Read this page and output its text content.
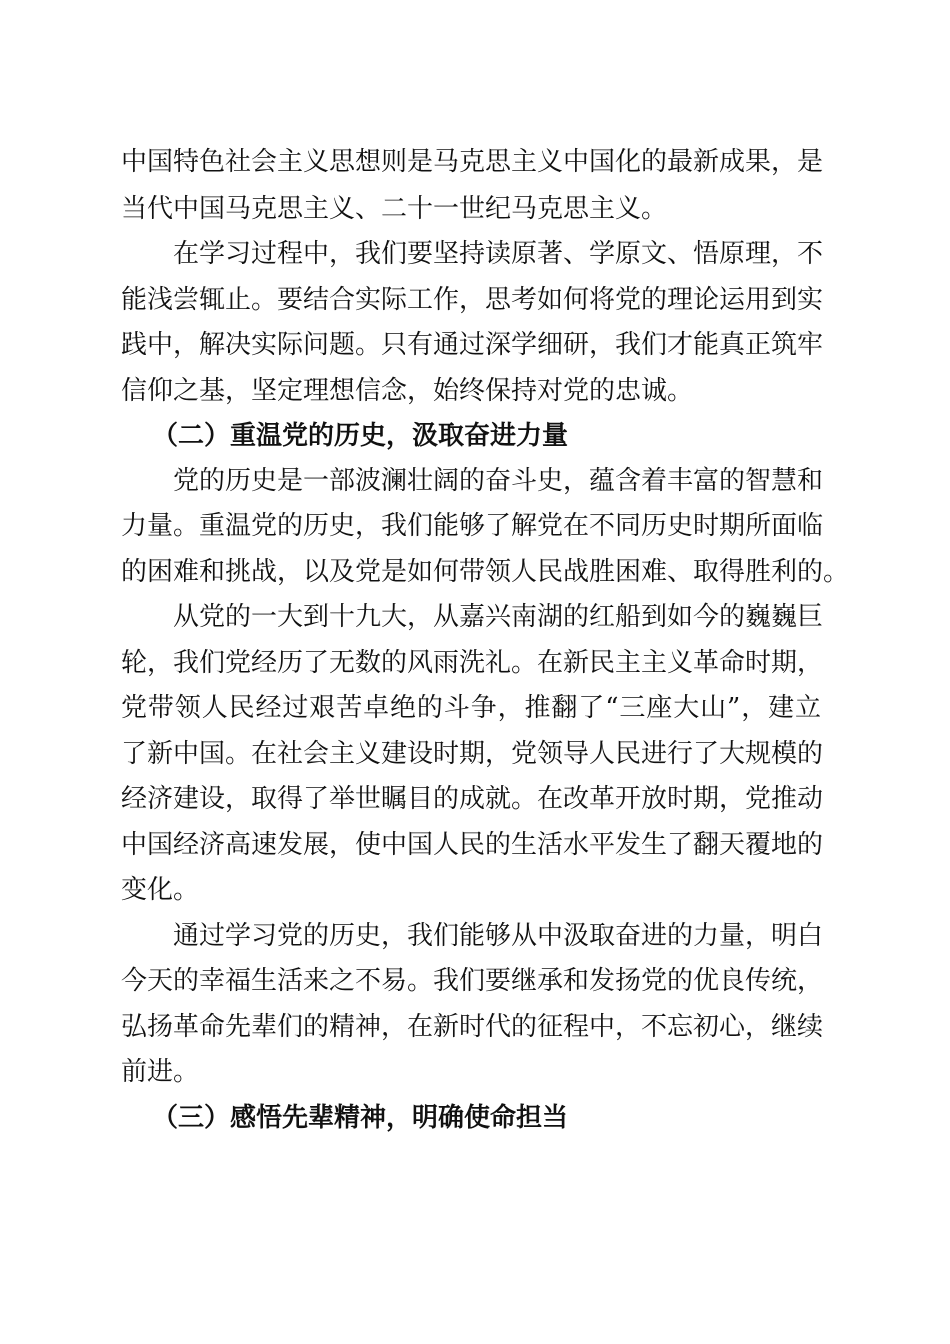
中国特色社会主义思想则是马克思主义中国化的最新成果，是

当代中国马克思主义、二十一世纪马克思主义。

在学习过程中，我们要坚持读原著、学原文、悟原理，不

能浅尝辄止。要结合实际工作，思考如何将党的理论运用到实

践中，解决实际问题。只有通过深学细研，我们才能真正筑牢

信仰之基，坚定理想信念，始终保持对党的忠诚。

（二）重温党的历史，汲取奋进力量

党的历史是一部波澜壮阔的奋斗史，蕴含着丰富的智慧和

力量。重温党的历史，我们能够了解党在不同历史时期所面临

的困难和挑战，以及党是如何带领人民战胜困难、取得胜利的。

从党的一大到十九大，从嘉兴南湖的红船到如今的巍巍巨

轮，我们党经历了无数的风雨洗礼。在新民主主义革命时期，

党带领人民经过艰苦卓绝的斗争，推翻了“三座大山”，建立

了新中国。在社会主义建设时期，党领导人民进行了大规模的

经济建设，取得了举世瞩目的成就。在改革开放时期，党推动

中国经济高速发展，使中国人民的生活水平发生了翻天覆地的

变化。

通过学习党的历史，我们能够从中汲取奋进的力量，明白

今天的幸福生活来之不易。我们要继承和发扬党的优良传统，

弘扬革命先辈们的精神，在新时代的征程中，不忘初心，继续

前进。

（三）感悟先辈精神，明确使命担当
